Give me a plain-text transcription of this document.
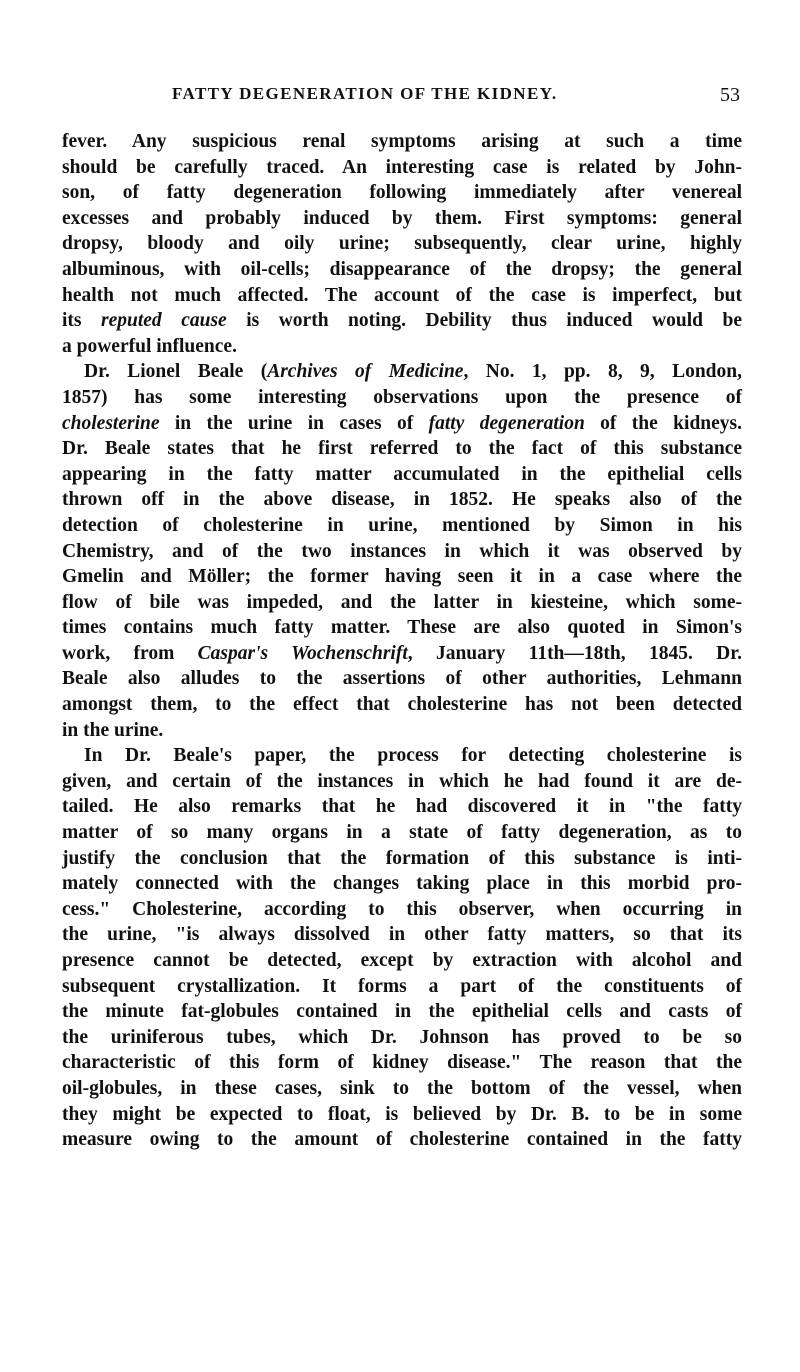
FATTY DEGENERATION OF THE KIDNEY.	53
fever. Any suspicious renal symptoms arising at such a time
should be carefully traced. An interesting case is related by John-
son, of fatty degeneration following immediately after venereal
excesses and probably induced by them. First symptoms: general
dropsy, bloody and oily urine; subsequently, clear urine, highly
albuminous, with oil-cells; disappearance of the dropsy; the general
health not much affected. The account of the case is imperfect, but
its reputed cause is worth noting. Debility thus induced would be
a powerful influence.
Dr. Lionel Beale (Archives of Medicine, No. 1, pp. 8, 9, London,
1857) has some interesting observations upon the presence of
cholesterine in the urine in cases of fatty degeneration of the kidneys.
Dr. Beale states that he first referred to the fact of this substance
appearing in the fatty matter accumulated in the epithelial cells
thrown off in the above disease, in 1852. He speaks also of the
detection of cholesterine in urine, mentioned by Simon in his
Chemistry, and of the two instances in which it was observed by
Gmelin and Möller; the former having seen it in a case where the
flow of bile was impeded, and the latter in kiesteine, which some-
times contains much fatty matter. These are also quoted in Simon's
work, from Caspar's Wochenschrift, January 11th—18th, 1845. Dr.
Beale also alludes to the assertions of other authorities, Lehmann
amongst them, to the effect that cholesterine has not been detected
in the urine.
In Dr. Beale's paper, the process for detecting cholesterine is
given, and certain of the instances in which he had found it are de-
tailed. He also remarks that he had discovered it in "the fatty
matter of so many organs in a state of fatty degeneration, as to
justify the conclusion that the formation of this substance is inti-
mately connected with the changes taking place in this morbid pro-
cess." Cholesterine, according to this observer, when occurring in
the urine, "is always dissolved in other fatty matters, so that its
presence cannot be detected, except by extraction with alcohol and
subsequent crystallization. It forms a part of the constituents of
the minute fat-globules contained in the epithelial cells and casts of
the uriniferous tubes, which Dr. Johnson has proved to be so
characteristic of this form of kidney disease." The reason that the
oil-globules, in these cases, sink to the bottom of the vessel, when
they might be expected to float, is believed by Dr. B. to be in some
measure owing to the amount of cholesterine contained in the fatty
